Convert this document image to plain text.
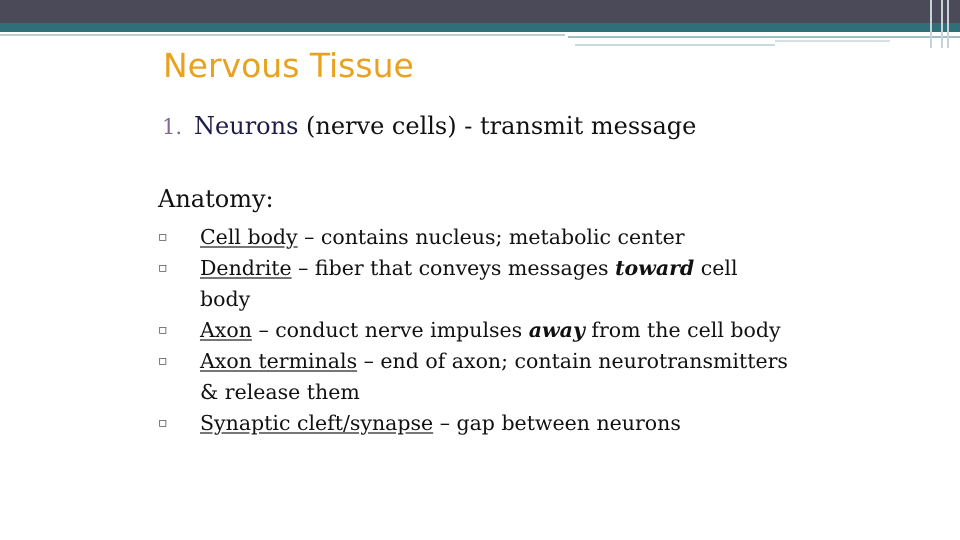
Nervous Tissue
1. Neurons (nerve cells) - transmit message
Anatomy:
▫ Cell body – contains nucleus; metabolic center
▫ Dendrite – fiber that conveys messages toward cell
body
▫ Axon – conduct nerve impulses away from the cell body
▫ Axon terminals – end of axon; contain neurotransmitters
& release them
▫ Synaptic cleft/synapse – gap between neurons
